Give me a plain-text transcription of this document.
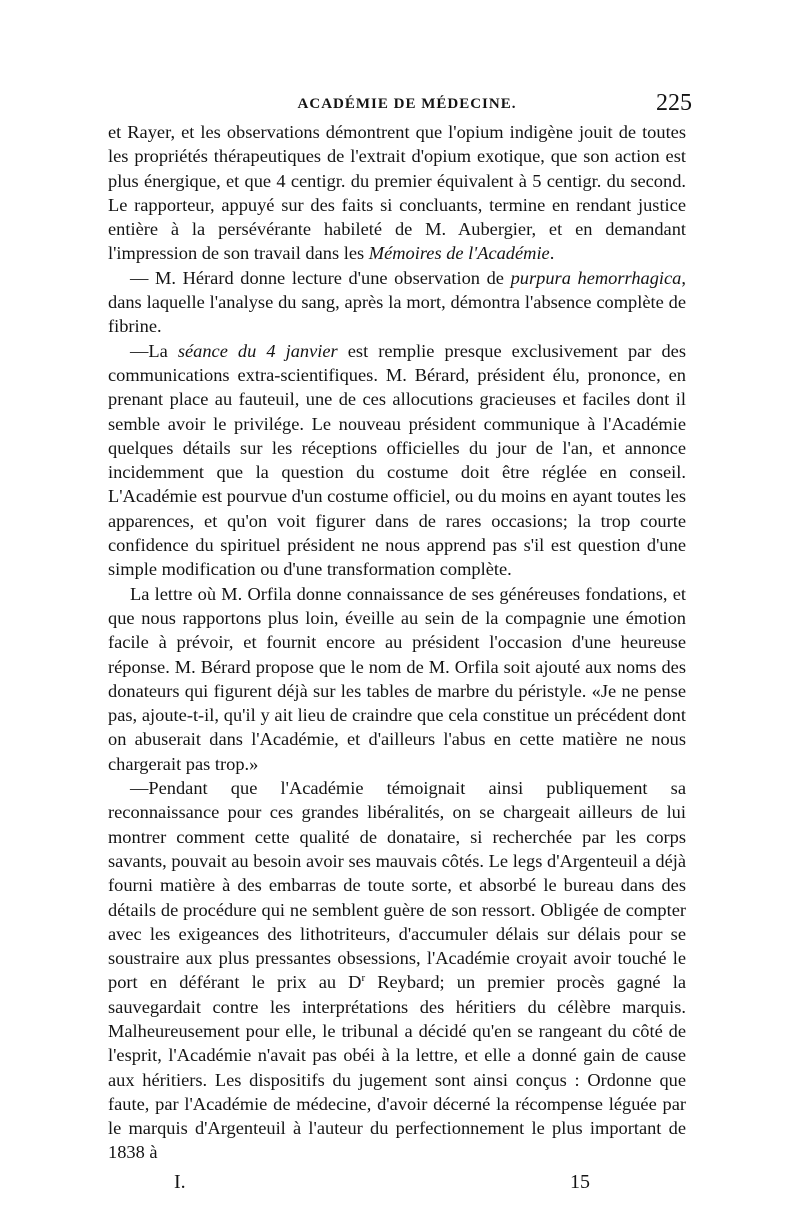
ACADÉMIE DE MÉDECINE.	225

et Rayer, et les observations démontrent que l'opium indigène jouit de toutes les propriétés thérapeutiques de l'extrait d'opium exotique, que son action est plus énergique, et que 4 centigr. du premier équivalent à 5 centigr. du second. Le rapporteur, appuyé sur des faits si concluants, termine en rendant justice entière à la persévérante habileté de M. Aubergier, et en demandant l'impression de son travail dans les Mémoires de l'Académie.

— M. Hérard donne lecture d'une observation de purpura hemorrhagica, dans laquelle l'analyse du sang, après la mort, démontra l'absence complète de fibrine.

—La séance du 4 janvier est remplie presque exclusivement par des communications extra-scientifiques. M. Bérard, président élu, prononce, en prenant place au fauteuil, une de ces allocutions gracieuses et faciles dont il semble avoir le privilége. Le nouveau président communique à l'Académie quelques détails sur les réceptions officielles du jour de l'an, et annonce incidemment que la question du costume doit être réglée en conseil. L'Académie est pourvue d'un costume officiel, ou du moins en ayant toutes les apparences, et qu'on voit figurer dans de rares occasions; la trop courte confidence du spirituel président ne nous apprend pas s'il est question d'une simple modification ou d'une transformation complète.

La lettre où M. Orfila donne connaissance de ses généreuses fondations, et que nous rapportons plus loin, éveille au sein de la compagnie une émotion facile à prévoir, et fournit encore au président l'occasion d'une heureuse réponse. M. Bérard propose que le nom de M. Orfila soit ajouté aux noms des donateurs qui figurent déjà sur les tables de marbre du péristyle. «Je ne pense pas, ajoute-t-il, qu'il y ait lieu de craindre que cela constitue un précédent dont on abuserait dans l'Académie, et d'ailleurs l'abus en cette matière ne nous chargerait pas trop.»

—Pendant que l'Académie témoignait ainsi publiquement sa reconnaissance pour ces grandes libéralités, on se chargeait ailleurs de lui montrer comment cette qualité de donataire, si recherchée par les corps savants, pouvait au besoin avoir ses mauvais côtés. Le legs d'Argenteuil a déjà fourni matière à des embarras de toute sorte, et absorbé le bureau dans des détails de procédure qui ne semblent guère de son ressort. Obligée de compter avec les exigeances des lithotriteurs, d'accumuler délais sur délais pour se soustraire aux plus pressantes obsessions, l'Académie croyait avoir touché le port en déférant le prix au $D^r$ Reybard; un premier procès gagné la sauvegardait contre les interprétations des héritiers du célèbre marquis. Malheureusement pour elle, le tribunal a décidé qu'en se rangeant du côté de l'esprit, l'Académie n'avait pas obéi à la lettre, et elle a donné gain de cause aux héritiers. Les dispositifs du jugement sont ainsi conçus : Ordonne que faute, par l'Académie de médecine, d'avoir décerné la récompense léguée par le marquis d'Argenteuil à l'auteur du perfectionnement le plus important de 1838 à

I.	15
